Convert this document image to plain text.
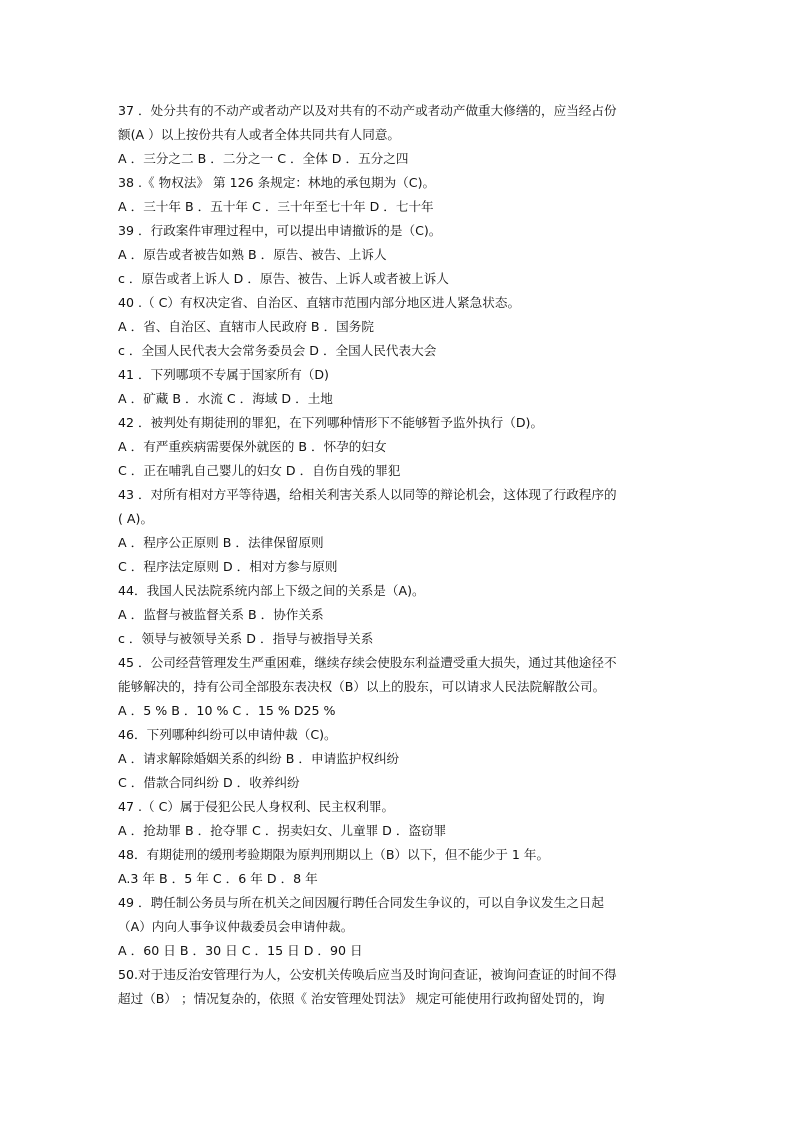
37 ．处分共有的不动产或者动产以及对共有的不动产或者动产做重大修缮的，应当经占份
额(A ）以上按份共有人或者全体共同共有人同意。
A ．三分之二 B ．二分之一 C ．全体 D ．五分之四
38 .《 物权法》 第 126 条规定：林地的承包期为（C)。
A ．三十年 B ．五十年 C ．三十年至七十年 D ．七十年
39 ．行政案件审理过程中，可以提出申请撤诉的是（C)。
A ．原告或者被告如熟 B ．原告、被告、上诉人
c ．原告或者上诉人 D ．原告、被告、上诉人或者被上诉人
40 .（ C）有权决定省、自治区、直辖市范围内部分地区进人紧急状态。
A ．省、自治区、直辖市人民政府 B ．国务院
c ．全国人民代表大会常务委员会 D ．全国人民代表大会
41 ．下列哪项不专属于国家所有（D)
A ．矿藏 B ．水流 C ．海域 D ．土地
42 ．被判处有期徒刑的罪犯，在下列哪种情形下不能够暂予监外执行（D)。
A ．有严重疾病需要保外就医的 B ．怀孕的妇女
C ．正在哺乳自己婴儿的妇女 D ．自伤自残的罪犯
43 ．对所有相对方平等待遇，给相关利害关系人以同等的辩论机会，这体现了行政程序的
( A)。
A ．程序公正原则 B ．法律保留原则
C ．程序法定原则 D ．相对方参与原则
44．我国人民法院系统内部上下级之间的关系是（A)。
A ．监督与被监督关系 B ．协作关系
c ．领导与被领导关系 D ．指导与被指导关系
45 ．公司经营管理发生严重困难，继续存续会使股东利益遭受重大损失，通过其他途径不
能够解决的，持有公司全部股东表决权（B）以上的股东，可以请求人民法院解散公司。
A ．5 % B ．10 % C ．15 % D25 %
46．下列哪种纠纷可以申请仲裁（C)。
A ．请求解除婚姻关系的纠纷 B ．申请监护权纠纷
C ．借款合同纠纷 D ．收养纠纷
47 .（ C）属于侵犯公民人身权利、民主权利罪。
A ．抢劫罪 B ．抢夺罪 C ．拐卖妇女、儿童罪 D ．盗窃罪
48．有期徒刑的缓刑考验期限为原判刑期以上（B）以下，但不能少于 1 年。
A.3 年 B ．5 年 C ．6 年 D ．8 年
49 ．聘任制公务员与所在机关之间因履行聘任合同发生争议的，可以自争议发生之日起
（A）内向人事争议仲裁委员会申请仲裁。
A ．60 日 B ．30 日 C ．15 日 D ．90 日
50.对于违反治安管理行为人，公安机关传唤后应当及时询问查证，被询问查证的时间不得
超过（B） ；情况复杂的，依照《 治安管理处罚法》 规定可能使用行政拘留处罚的，询
